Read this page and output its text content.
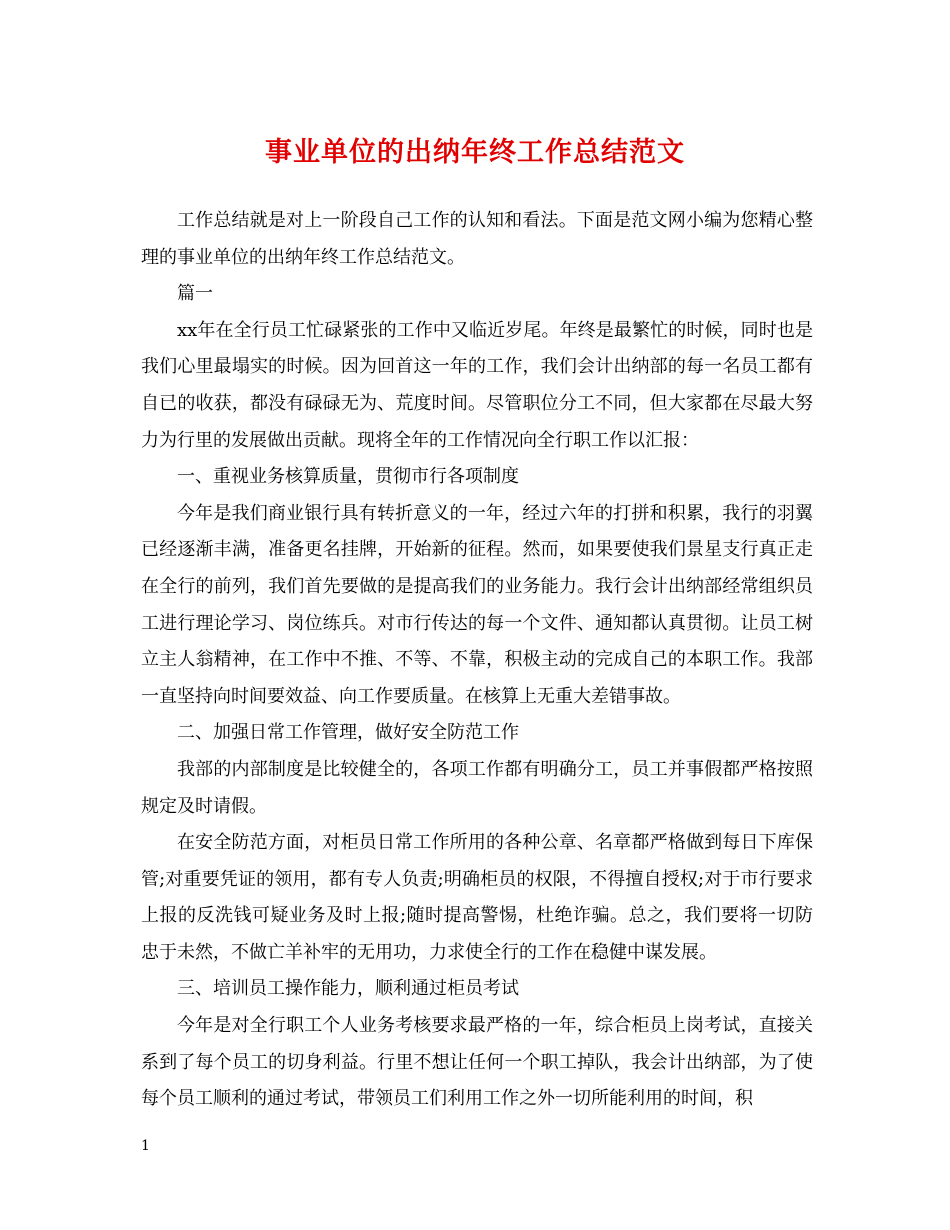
事业单位的出纳年终工作总结范文

工作总结就是对上一阶段自己工作的认知和看法。下面是范文网小编为您精心整理的事业单位的出纳年终工作总结范文。

篇一

xx年在全行员工忙碌紧张的工作中又临近岁尾。年终是最繁忙的时候，同时也是我们心里最塌实的时候。因为回首这一年的工作，我们会计出纳部的每一名员工都有自已的收获，都没有碌碌无为、荒度时间。尽管职位分工不同，但大家都在尽最大努力为行里的发展做出贡献。现将全年的工作情况向全行职工作以汇报：

一、重视业务核算质量，贯彻市行各项制度

今年是我们商业银行具有转折意义的一年，经过六年的打拼和积累，我行的羽翼已经逐渐丰满，准备更名挂牌，开始新的征程。然而，如果要使我们景星支行真正走在全行的前列，我们首先要做的是提高我们的业务能力。我行会计出纳部经常组织员工进行理论学习、岗位练兵。对市行传达的每一个文件、通知都认真贯彻。让员工树立主人翁精神，在工作中不推、不等、不靠，积极主动的完成自己的本职工作。我部一直坚持向时间要效益、向工作要质量。在核算上无重大差错事故。

二、加强日常工作管理，做好安全防范工作

我部的内部制度是比较健全的，各项工作都有明确分工，员工并事假都严格按照规定及时请假。

在安全防范方面，对柜员日常工作所用的各种公章、名章都严格做到每日下库保管;对重要凭证的领用，都有专人负责;明确柜员的权限，不得擅自授权;对于市行要求上报的反洗钱可疑业务及时上报;随时提高警惕，杜绝诈骗。总之，我们要将一切防忠于未然，不做亡羊补牢的无用功，力求使全行的工作在稳健中谋发展。

三、培训员工操作能力，顺利通过柜员考试

今年是对全行职工个人业务考核要求最严格的一年，综合柜员上岗考试，直接关系到了每个员工的切身利益。行里不想让任何一个职工掉队，我会计出纳部，为了使每个员工顺利的通过考试，带领员工们利用工作之外一切所能利用的时间，积

1
